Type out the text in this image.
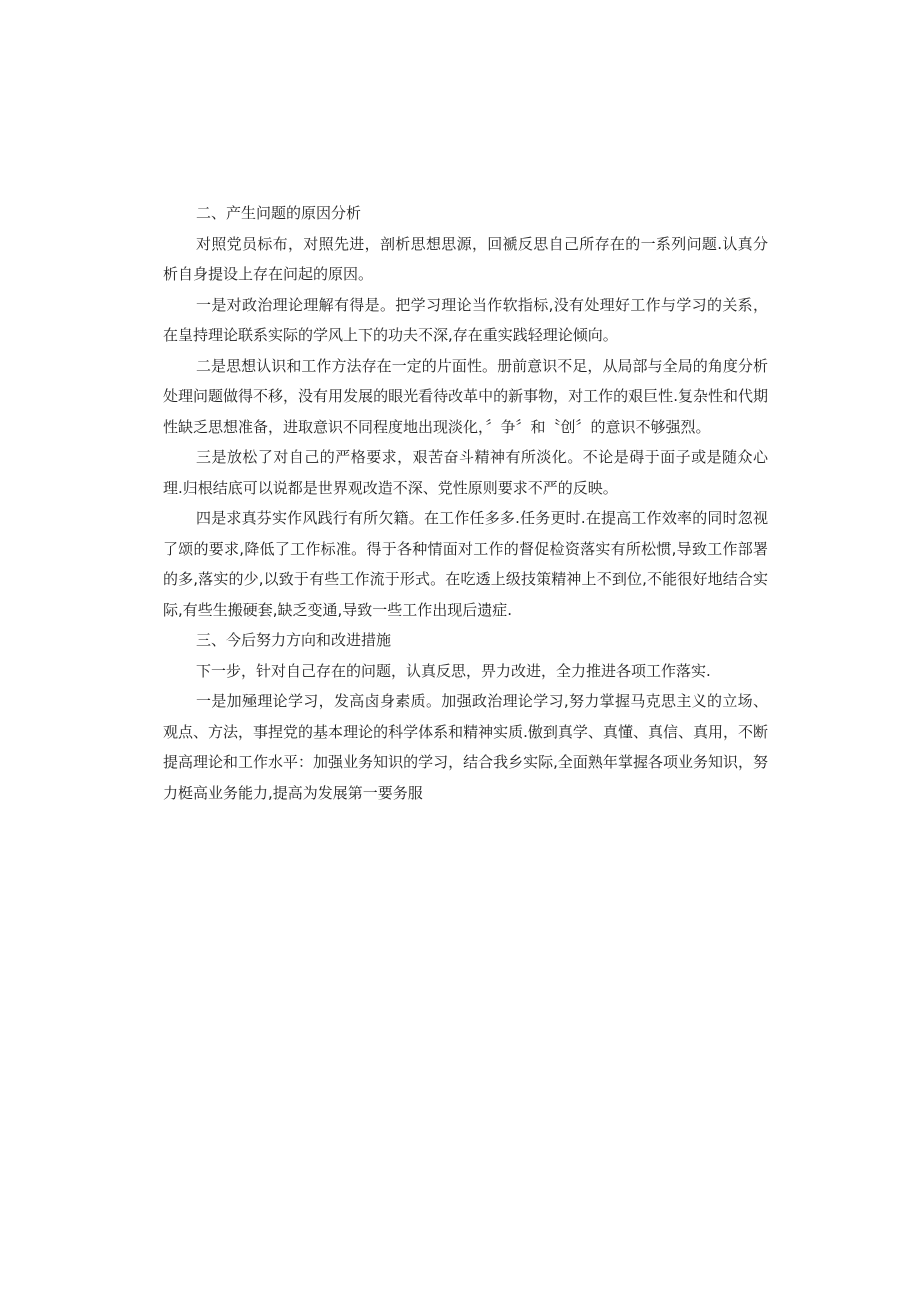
二、产生问题的原因分析

对照党员标布，对照先进，剖析思想思源，回褫反思自己所存在的一系列问题.认真分析自身提设上存在问起的原因。

一是对政治理论理解有得是。把学习理论当作软指标,没有处理好工作与学习的关系，在皇持理论联系实际的学风上下的功夫不深,存在重实践轻理论倾向。

二是思想认识和工作方法存在一定的片面性。册前意识不足，从局部与全局的角度分析处理问题做得不移，没有用发展的眼光看待改革中的新事物，对工作的艰巨性.复杂性和代期性缺乏思想准备，进取意识不同程度地出现淡化，〞争〞和〝创〞的意识不够强烈。

三是放松了对自己的严格要求，艰苦奋斗精神有所淡化。不论是碍于面子或是随众心理.归根结底可以说都是世界观改造不深、党性原则要求不严的反映。

四是求真芬实作风践行有所欠籍。在工作任多多.任务更时.在提高工作效率的同时忽视了颂的要求,降低了工作标准。得于各种情面对工作的督促检资落实有所松惯,导致工作部署的多,落实的少,以致于有些工作流于形式。在吃透上级技策精神上不到位,不能很好地结合实际,有些生搬硬套,缺乏变通,导致一些工作出现后遗症.

三、今后努力方向和改进措施

下一步，针对自己存在的问题，认真反思，畀力改进，全力推进各项工作落实.

一是加殛理论学习，发高卤身素质。加强政治理论学习,努力掌握马克思主义的立场、观点、方法，事捏党的基本理论的科学体系和精神实质.傲到真学、真懂、真信、真用，不断提高理论和工作水平：加强业务知识的学习，结合我乡实际,全面熟年掌握各项业务知识，努力梃高业务能力,提高为发展第一要务服
